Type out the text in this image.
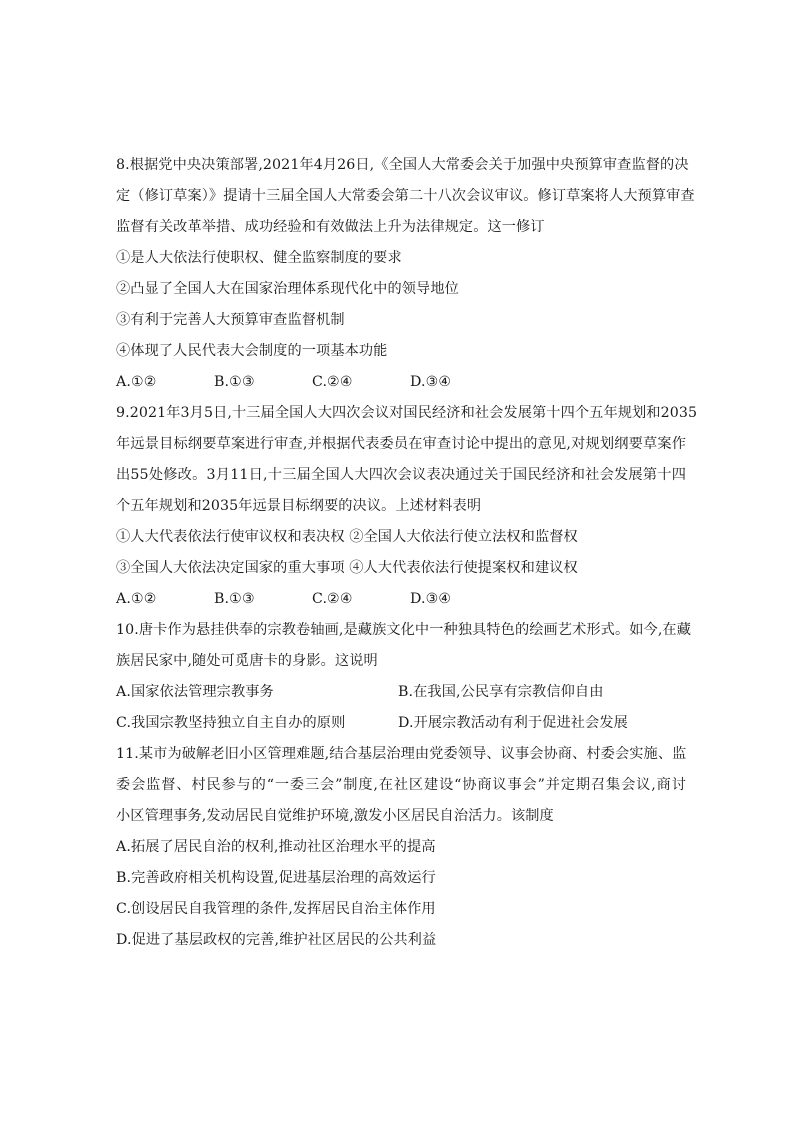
8.根据党中央决策部署,2021年4月26日,《全国人大常委会关于加强中央预算审查监督的决
定（修订草案）》提请十三届全国人大常委会第二十八次会议审议。修订草案将人大预算审查
监督有关改革举措、成功经验和有效做法上升为法律规定。这一修订
①是人大依法行使职权、健全监察制度的要求
②凸显了全国人大在国家治理体系现代化中的领导地位
③有利于完善人大预算审查监督机制
④体现了人民代表大会制度的一项基本功能
A.①②	B.①③	C.②④	D.③④
9.2021年3月5日,十三届全国人大四次会议对国民经济和社会发展第十四个五年规划和2035
年远景目标纲要草案进行审查,并根据代表委员在审查讨论中提出的意见,对规划纲要草案作
出55处修改。3月11日,十三届全国人大四次会议表决通过关于国民经济和社会发展第十四
个五年规划和2035年远景目标纲要的决议。上述材料表明
①人大代表依法行使审议权和表决权 ②全国人大依法行使立法权和监督权
③全国人大依法决定国家的重大事项 ④人大代表依法行使提案权和建议权
A.①②	B.①③	C.②④	D.③④
10.唐卡作为悬挂供奉的宗教卷轴画,是藏族文化中一种独具特色的绘画艺术形式。如今,在藏
族居民家中,随处可觅唐卡的身影。这说明
A.国家依法管理宗教事务	B.在我国,公民享有宗教信仰自由
C.我国宗教坚持独立自主自办的原则	D.开展宗教活动有利于促进社会发展
11.某市为破解老旧小区管理难题,结合基层治理由党委领导、议事会协商、村委会实施、监
委会监督、村民参与的“一委三会”制度,在社区建设“协商议事会”并定期召集会议,商讨
小区管理事务,发动居民自觉维护环境,激发小区居民自治活力。该制度
A.拓展了居民自治的权利,推动社区治理水平的提高
B.完善政府相关机构设置,促进基层治理的高效运行
C.创设居民自我管理的条件,发挥居民自治主体作用
D.促进了基层政权的完善,维护社区居民的公共利益
